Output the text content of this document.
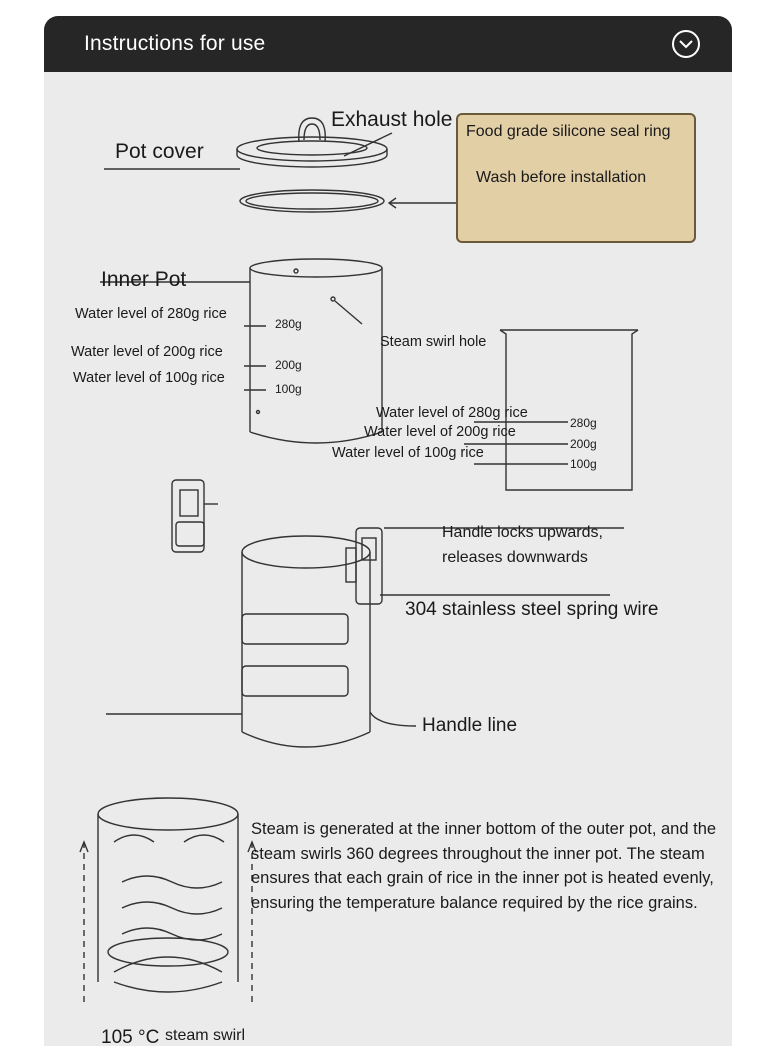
Instructions for use
Exhaust hole
Pot cover
Food grade silicone seal ring
Wash before installation
Inner Pot
Water level of 280g rice
Water level of 200g rice
Water level of 100g rice
280g
200g
100g
Steam swirl hole
Water level of 280g rice
Water level of 200g rice
Water level of 100g rice
280g
200g
100g
Handle locks upwards,
releases downwards
304 stainless steel spring wire
Handle line
Steam is generated at the inner bottom of the outer pot, and the steam swirls 360 degrees throughout the inner pot. The steam ensures that each grain of rice in the inner pot is heated evenly, ensuring the temperature balance required by the rice grains.
105 °C steam swirl
